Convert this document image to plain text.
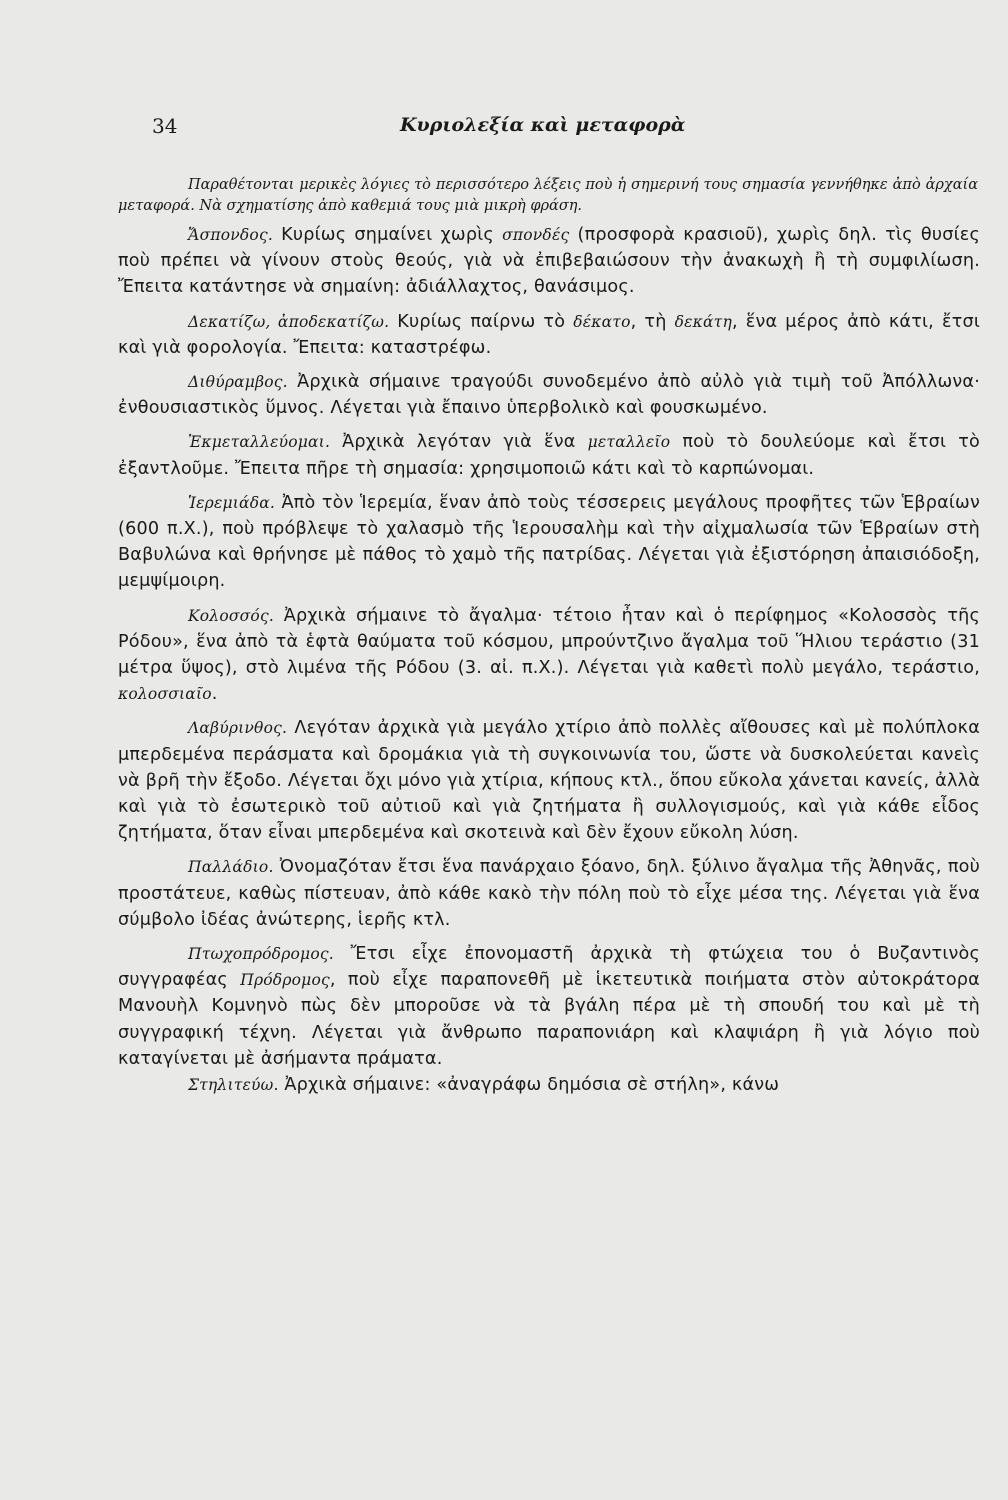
34	Κυριολεξία καὶ μεταφορὰ

Παραθέτονται μερικὲς λόγιες τὸ περισσότερο λέξεις ποὺ ἡ σημερινή τους σημασία γεννήθηκε ἀπὸ ἀρχαία μεταφορά. Νὰ σχηματίσης ἀπὸ καθεμιά τους μιὰ μικρὴ φράση.

Ἄσπονδος. Κυρίως σημαίνει χωρὶς σπονδές (προσφορὰ κρασιοῦ), χωρὶς δηλ. τὶς θυσίες ποὺ πρέπει νὰ γίνουν στοὺς θεούς, γιὰ νὰ ἐπιβεβαιώσουν τὴν ἀνακωχὴ ἢ τὴ συμφιλίωση. Ἔπειτα κατάντησε νὰ σημαίνη: ἀδιάλλαχτος, θανάσιμος.

Δεκατίζω, ἀποδεκατίζω. Κυρίως παίρνω τὸ δέκατο, τὴ δεκάτη, ἕνα μέρος ἀπὸ κάτι, ἔτσι καὶ γιὰ φορολογία. Ἔπειτα: καταστρέφω.

Διθύραμβος. Ἀρχικὰ σήμαινε τραγούδι συνοδεμένο ἀπὸ αὐλὸ γιὰ τιμὴ τοῦ Ἀπόλλωνα· ἐνθουσιαστικὸς ὕμνος. Λέγεται γιὰ ἔπαινο ὑπερβολικὸ καὶ φουσκωμένο.

Ἐκμεταλλεύομαι. Ἀρχικὰ λεγόταν γιὰ ἕνα μεταλλεῖο ποὺ τὸ δουλεύομε καὶ ἔτσι τὸ ἐξαντλοῦμε. Ἔπειτα πῆρε τὴ σημασία: χρησιμοποιῶ κάτι καὶ τὸ καρπώνομαι.

Ἱερεμιάδα. Ἀπὸ τὸν Ἱερεμία, ἕναν ἀπὸ τοὺς τέσσερεις μεγάλους προφῆτες τῶν Ἑβραίων (600 π.Χ.), ποὺ πρόβλεψε τὸ χαλασμὸ τῆς Ἱερουσαλὴμ καὶ τὴν αἰχμαλωσία τῶν Ἑβραίων στὴ Βαβυλώνα καὶ θρήνησε μὲ πάθος τὸ χαμὸ τῆς πατρίδας. Λέγεται γιὰ ἐξιστόρηση ἀπαισιόδοξη, μεμψίμοιρη.

Κολοσσός. Ἀρχικὰ σήμαινε τὸ ἄγαλμα· τέτοιο ἦταν καὶ ὁ περίφημος «Κολοσσὸς τῆς Ρόδου», ἕνα ἀπὸ τὰ ἑφτὰ θαύματα τοῦ κόσμου, μπρούντζινο ἄγαλμα τοῦ Ἥλιου τεράστιο (31 μέτρα ὕψος), στὸ λιμένα τῆς Ρόδου (3. αἰ. π.Χ.). Λέγεται γιὰ καθετὶ πολὺ μεγάλο, τεράστιο, κολοσσιαῖο.

Λαβύρινθος. Λεγόταν ἀρχικὰ γιὰ μεγάλο χτίριο ἀπὸ πολλὲς αἴθουσες καὶ μὲ πολύπλοκα μπερδεμένα περάσματα καὶ δρομάκια γιὰ τὴ συγκοινωνία του, ὥστε νὰ δυσκολεύεται κανεὶς νὰ βρῆ τὴν ἔξοδο. Λέγεται ὄχι μόνο γιὰ χτίρια, κήπους κτλ., ὅπου εὔκολα χάνεται κανείς, ἀλλὰ καὶ γιὰ τὸ ἐσωτερικὸ τοῦ αὐτιοῦ καὶ γιὰ ζητήματα ἢ συλλογισμούς, καὶ γιὰ κάθε εἶδος ζητήματα, ὅταν εἶναι μπερδεμένα καὶ σκοτεινὰ καὶ δὲν ἔχουν εὔκολη λύση.

Παλλάδιο. Ὀνομαζόταν ἔτσι ἕνα πανάρχαιο ξόανο, δηλ. ξύλινο ἄγαλμα τῆς Ἀθηνᾶς, ποὺ προστάτευε, καθὼς πίστευαν, ἀπὸ κάθε κακὸ τὴν πόλη ποὺ τὸ εἶχε μέσα της. Λέγεται γιὰ ἕνα σύμβολο ἰδέας ἀνώτερης, ἱερῆς κτλ.

Πτωχοπρόδρομος. Ἔτσι εἶχε ἐπονομαστῆ ἀρχικὰ τὴ φτώχεια του ὁ Βυζαντινὸς συγγραφέας Πρόδρομος, ποὺ εἶχε παραπονεθῆ μὲ ἱκετευτικὰ ποιήματα στὸν αὐτοκράτορα Μανουὴλ Κομνηνὸ πὼς δὲν μποροῦσε νὰ τὰ βγάλη πέρα μὲ τὴ σπουδή του καὶ μὲ τὴ συγγραφική τέχνη. Λέγεται γιὰ ἄνθρωπο παραπονιάρη καὶ κλαψιάρη ἢ γιὰ λόγιο ποὺ καταγίνεται μὲ ἀσήμαντα πράματα.

Στηλιτεύω. Ἀρχικὰ σήμαινε: «ἀναγράφω δημόσια σὲ στήλη», κάνω
